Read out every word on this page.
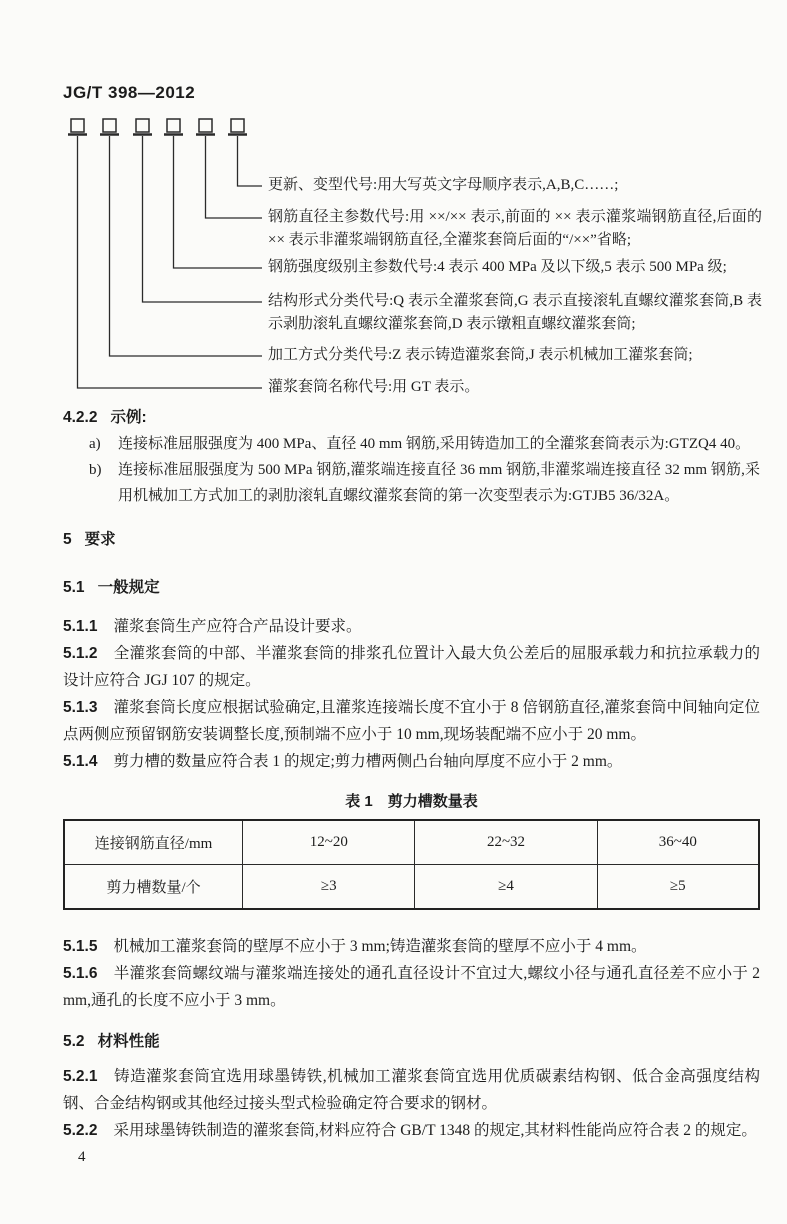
JG/T 398—2012
更新、变型代号:用大写英文字母顺序表示,A,B,C……;
钢筋直径主参数代号:用 ××/×× 表示,前面的 ×× 表示灌浆端钢筋直径,后面的 ×× 表示非灌浆端钢筋直径,全灌浆套筒后面的“/××”省略;
钢筋强度级别主参数代号:4 表示 400 MPa 及以下级,5 表示 500 MPa 级;
结构形式分类代号:Q 表示全灌浆套筒,G 表示直接滚轧直螺纹灌浆套筒,B 表示剥肋滚轧直螺纹灌浆套筒,D 表示镦粗直螺纹灌浆套筒;
加工方式分类代号:Z 表示铸造灌浆套筒,J 表示机械加工灌浆套筒;
灌浆套筒名称代号:用 GT 表示。

4.2.2 示例:

a) 连接标准屈服强度为 400 MPa、直径 40 mm 钢筋,采用铸造加工的全灌浆套筒表示为:GTZQ4 40。
b) 连接标准屈服强度为 500 MPa 钢筋,灌浆端连接直径 36 mm 钢筋,非灌浆端连接直径 32 mm 钢筋,采用机械加工方式加工的剥肋滚轧直螺纹灌浆套筒的第一次变型表示为:GTJB5 36/32A。

5 要求

5.1 一般规定

5.1.1 灌浆套筒生产应符合产品设计要求。

5.1.2 全灌浆套筒的中部、半灌浆套筒的排浆孔位置计入最大负公差后的屈服承载力和抗拉承载力的设计应符合 JGJ 107 的规定。

5.1.3 灌浆套筒长度应根据试验确定,且灌浆连接端长度不宜小于 8 倍钢筋直径,灌浆套筒中间轴向定位点两侧应预留钢筋安装调整长度,预制端不应小于 10 mm,现场装配端不应小于 20 mm。

5.1.4 剪力槽的数量应符合表 1 的规定;剪力槽两侧凸台轴向厚度不应小于 2 mm。

表 1　剪力槽数量表
连接钢筋直径/mm	12~20	22~32	36~40
剪力槽数量/个	≥3	≥4	≥5

5.1.5 机械加工灌浆套筒的壁厚不应小于 3 mm;铸造灌浆套筒的壁厚不应小于 4 mm。

5.1.6 半灌浆套筒螺纹端与灌浆端连接处的通孔直径设计不宜过大,螺纹小径与通孔直径差不应小于 2 mm,通孔的长度不应小于 3 mm。

5.2 材料性能

5.2.1 铸造灌浆套筒宜选用球墨铸铁,机械加工灌浆套筒宜选用优质碳素结构钢、低合金高强度结构钢、合金结构钢或其他经过接头型式检验确定符合要求的钢材。

5.2.2 采用球墨铸铁制造的灌浆套筒,材料应符合 GB/T 1348 的规定,其材料性能尚应符合表 2 的规定。

4
